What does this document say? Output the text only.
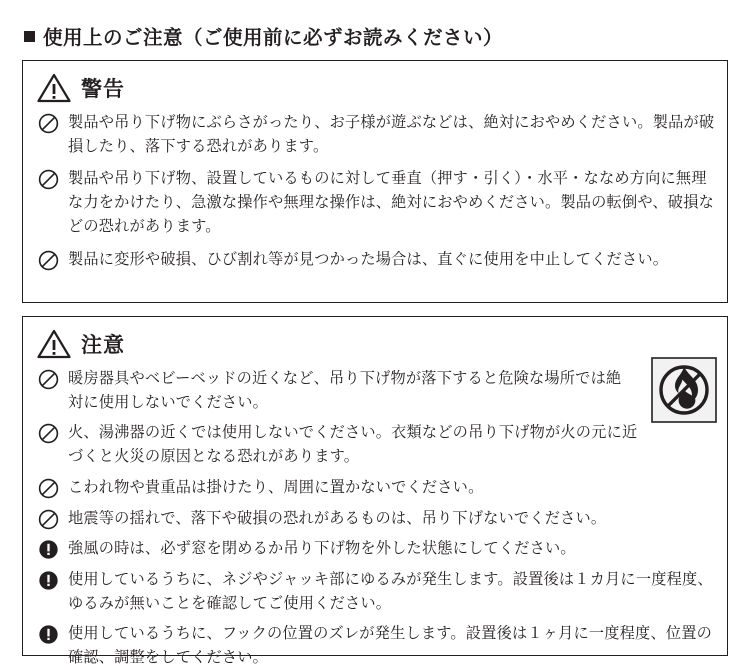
使用上のご注意（ご使用前に必ずお読みください）
警告
製品や吊り下げ物にぶらさがったり、お子様が遊ぶなどは、絶対におやめください。製品が破損したり、落下する恐れがあります。
製品や吊り下げ物、設置しているものに対して垂直（押す・引く）・水平・ななめ方向に無理な力をかけたり、急激な操作や無理な操作は、絶対におやめください。製品の転倒や、破損などの恐れがあります。
製品に変形や破損、ひび割れ等が見つかった場合は、直ぐに使用を中止してください。
注意
暖房器具やベビーベッドの近くなど、吊り下げ物が落下すると危険な場所では絶対に使用しないでください。
火、湯沸器の近くでは使用しないでください。衣類などの吊り下げ物が火の元に近づくと火災の原因となる恐れがあります。
こわれ物や貴重品は掛けたり、周囲に置かないでください。
地震等の揺れで、落下や破損の恐れがあるものは、吊り下げないでください。
強風の時は、必ず窓を閉めるか吊り下げ物を外した状態にしてください。
使用しているうちに、ネジやジャッキ部にゆるみが発生します。設置後は１カ月に一度程度、ゆるみが無いことを確認してご使用ください。
使用しているうちに、フックの位置のズレが発生します。設置後は１ヶ月に一度程度、位置の確認、調整をしてください。
